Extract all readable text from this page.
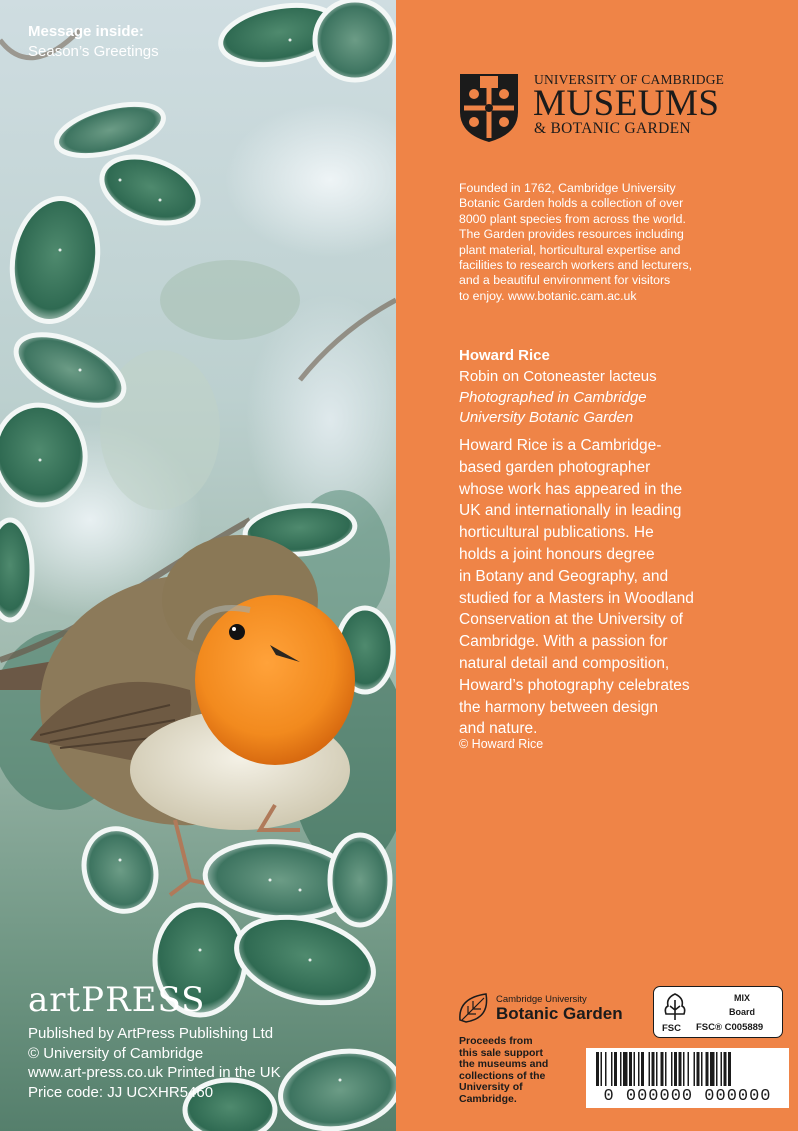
Message inside:
Season’s Greetings
artPRESS
Published by ArtPress Publishing Ltd
© University of Cambridge
www.art-press.co.uk Printed in the UK
Price code: JJ UCXHR5460
UNIVERSITY OF CAMBRIDGE
MUSEUMS
& BOTANIC GARDEN
Founded in 1762, Cambridge University
Botanic Garden holds a collection of over
8000 plant species from across the world.
The Garden provides resources including
plant material, horticultural expertise and
facilities to research workers and lecturers,
and a beautiful environment for visitors
to enjoy. www.botanic.cam.ac.uk
Howard Rice
Robin on Cotoneaster lacteus
Photographed in Cambridge
University Botanic Garden
Howard Rice is a Cambridge-
based garden photographer
whose work has appeared in the
UK and internationally in leading
horticultural publications. He
holds a joint honours degree
in Botany and Geography, and
studied for a Masters in Woodland
Conservation at the University of
Cambridge. With a passion for
natural detail and composition,
Howard’s photography celebrates
the harmony between design
and nature.
© Howard Rice
Cambridge University
Botanic Garden
FSC
MIX
Board
FSC® C005889
Proceeds from
this sale support
the museums and
collections of the
University of
Cambridge.	0 000000 000000
